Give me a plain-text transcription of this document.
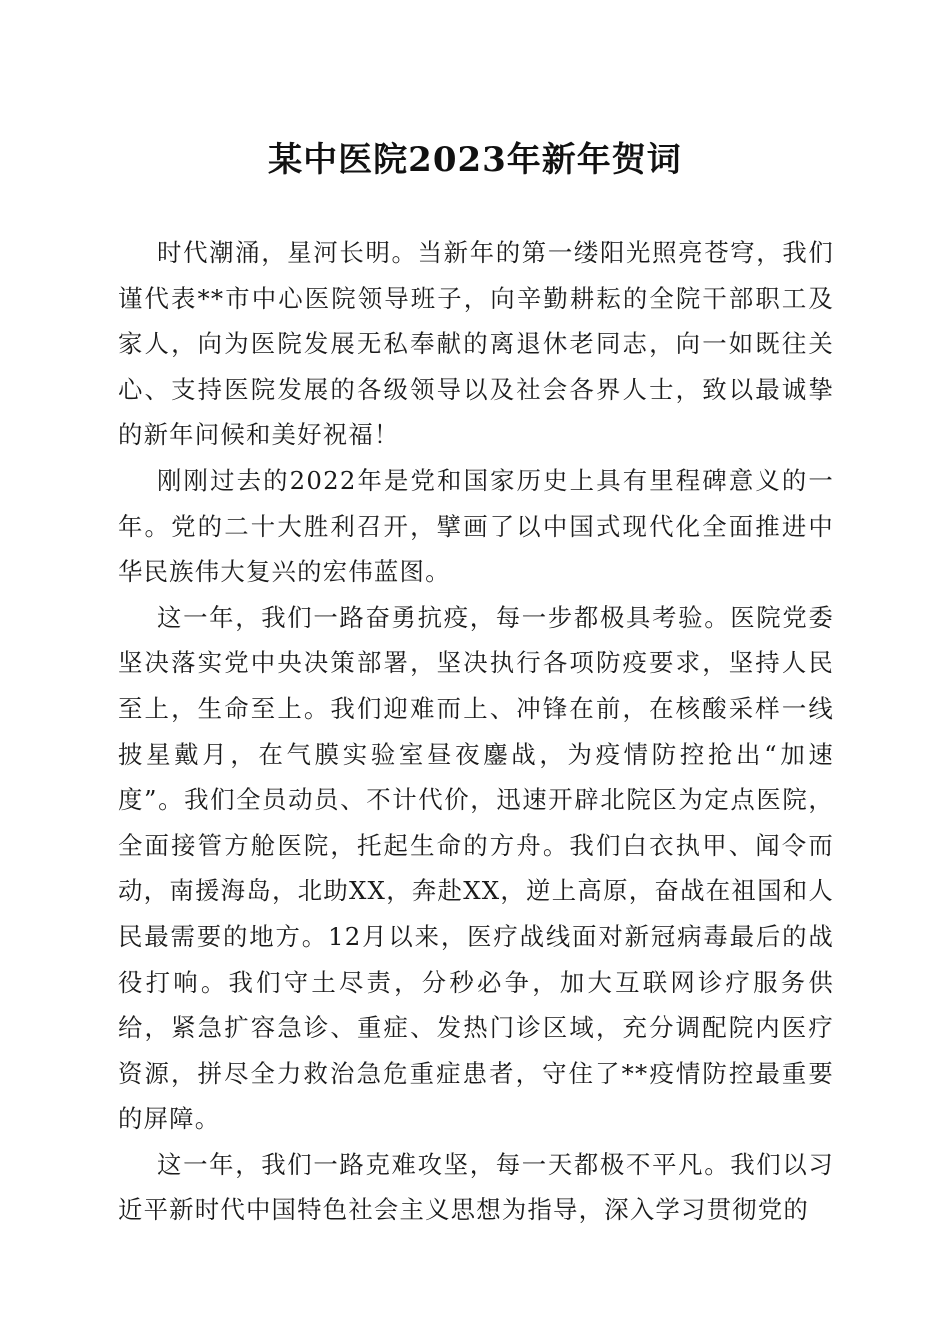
某中医院2023年新年贺词

时代潮涌，星河长明。当新年的第一缕阳光照亮苍穹，我们谨代表**市中心医院领导班子，向辛勤耕耘的全院干部职工及家人，向为医院发展无私奉献的离退休老同志，向一如既往关心、支持医院发展的各级领导以及社会各界人士，致以最诚挚的新年问候和美好祝福！

刚刚过去的2022年是党和国家历史上具有里程碑意义的一年。党的二十大胜利召开，擘画了以中国式现代化全面推进中华民族伟大复兴的宏伟蓝图。

这一年，我们一路奋勇抗疫，每一步都极具考验。医院党委坚决落实党中央决策部署，坚决执行各项防疫要求，坚持人民至上，生命至上。我们迎难而上、冲锋在前，在核酸采样一线披星戴月，在气膜实验室昼夜鏖战，为疫情防控抢出“加速度”。我们全员动员、不计代价，迅速开辟北院区为定点医院，全面接管方舱医院，托起生命的方舟。我们白衣执甲、闻令而动，南援海岛，北助XX，奔赴XX，逆上高原，奋战在祖国和人民最需要的地方。12月以来，医疗战线面对新冠病毒最后的战役打响。我们守土尽责，分秒必争，加大互联网诊疗服务供给，紧急扩容急诊、重症、发热门诊区域，充分调配院内医疗资源，拼尽全力救治急危重症患者，守住了**疫情防控最重要的屏障。

这一年，我们一路克难攻坚，每一天都极不平凡。我们以习近平新时代中国特色社会主义思想为指导，深入学习贯彻党的
